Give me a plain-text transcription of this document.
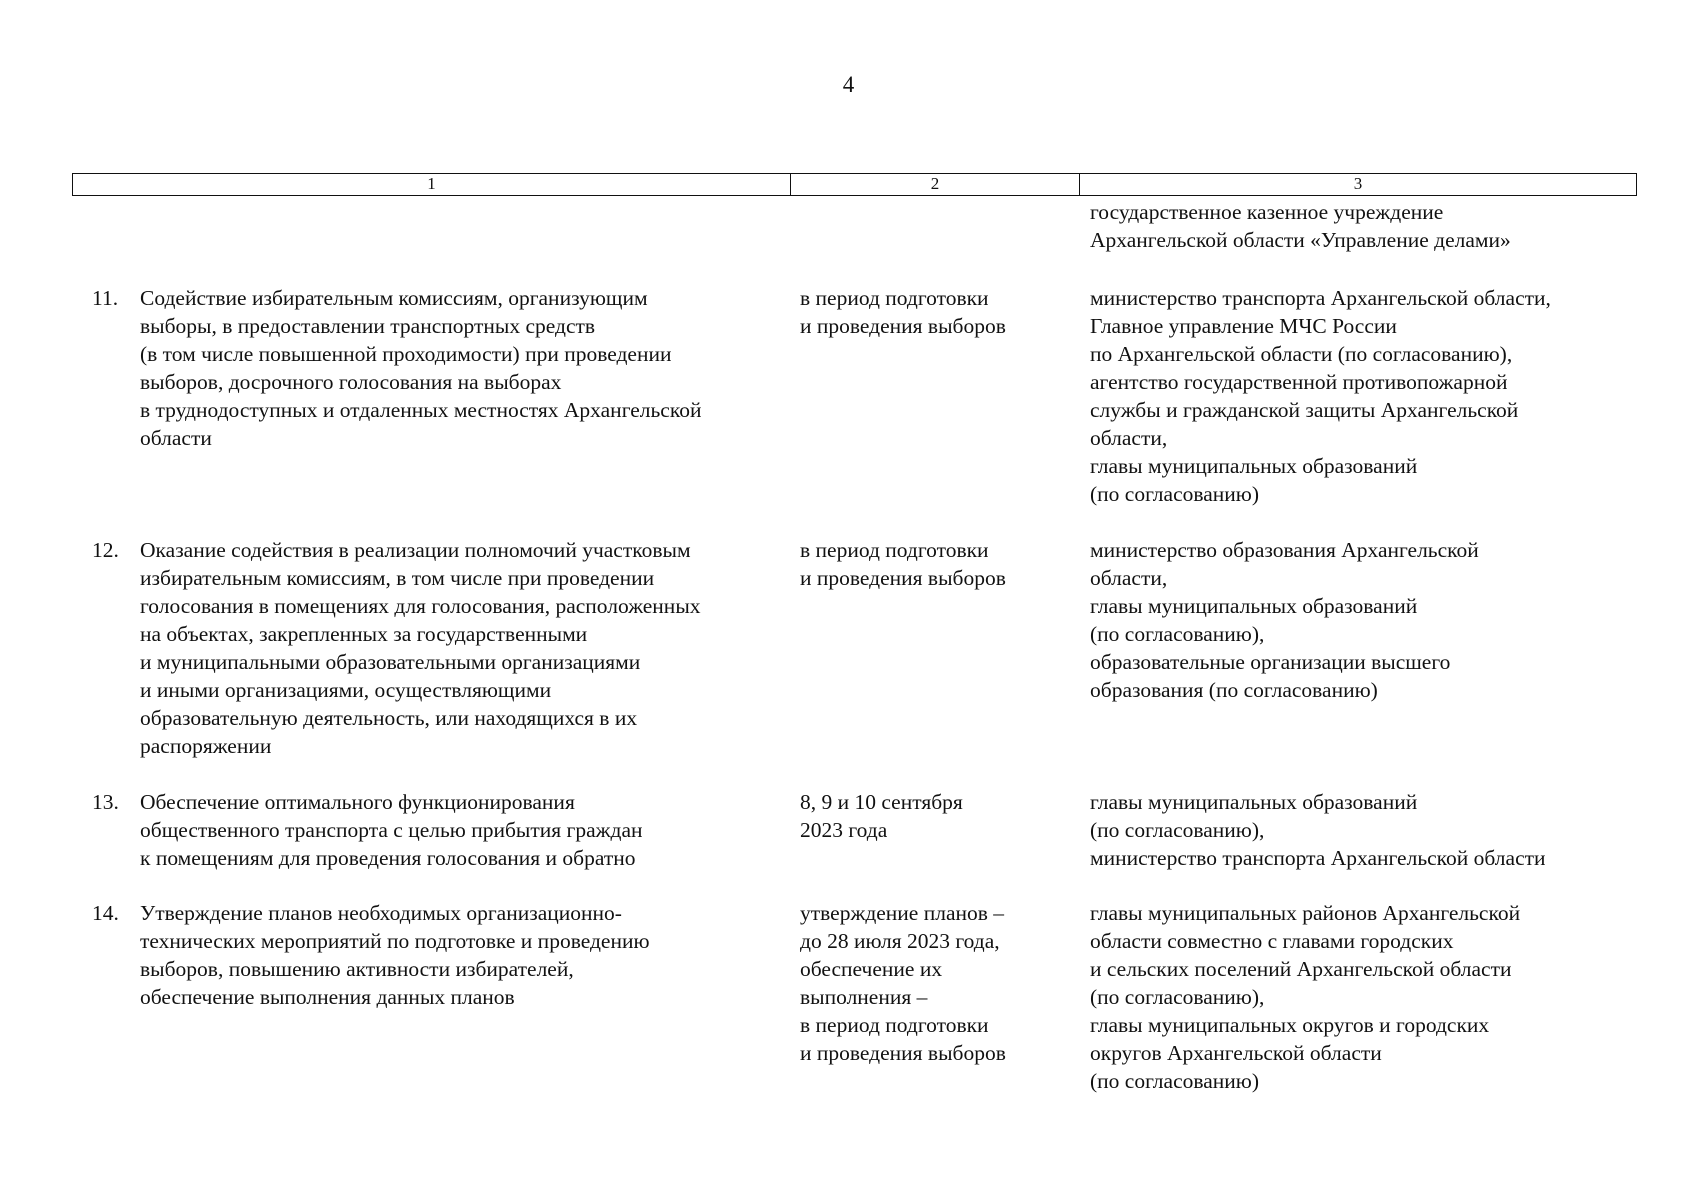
4
1	2	3
государственное казенное учреждение
Архангельской области «Управление делами»
11. Содействие избирательным комиссиям, организующим
выборы, в предоставлении транспортных средств
(в том числе повышенной проходимости) при проведении
выборов, досрочного голосования на выборах
в труднодоступных и отдаленных местностях Архангельской
области
в период подготовки
и проведения выборов
министерство транспорта Архангельской области,
Главное управление МЧС России
по Архангельской области (по согласованию),
агентство государственной противопожарной
службы и гражданской защиты Архангельской
области,
главы муниципальных образований
(по согласованию)
12. Оказание содействия в реализации полномочий участковым
избирательным комиссиям, в том числе при проведении
голосования в помещениях для голосования, расположенных
на объектах, закрепленных за государственными
и муниципальными образовательными организациями
и иными организациями, осуществляющими
образовательную деятельность, или находящихся в их
распоряжении
в период подготовки
и проведения выборов
министерство образования Архангельской
области,
главы муниципальных образований
(по согласованию),
образовательные организации высшего
образования (по согласованию)
13. Обеспечение оптимального функционирования
общественного транспорта с целью прибытия граждан
к помещениям для проведения голосования и обратно
8, 9 и 10 сентября
2023 года
главы муниципальных образований
(по согласованию),
министерство транспорта Архангельской области
14. Утверждение планов необходимых организационно-
технических мероприятий по подготовке и проведению
выборов, повышению активности избирателей,
обеспечение выполнения данных планов
утверждение планов –
до 28 июля 2023 года,
обеспечение их
выполнения –
в период подготовки
и проведения выборов
главы муниципальных районов Архангельской
области совместно с главами городских
и сельских поселений Архангельской области
(по согласованию),
главы муниципальных округов и городских
округов Архангельской области
(по согласованию)
